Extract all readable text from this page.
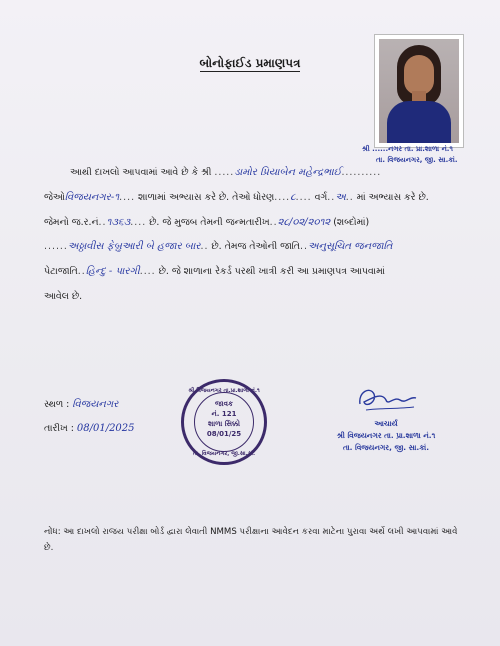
બોનોફાઈડ પ્રમાણપત્ર
શ્રી ......નગર તા. પ્રા.શાળા નં.૧
તા. વિજયનગર, જી. સા.કાં.
આથી દાખલો આપવામાં આવે છે કે શ્રી .....ડામોર પ્રિયાબેન મહેન્દ્રભાઈ..........
જેઓવિજયનગર-૧.... શાળામાં અભ્યાસ કરે છે. તેઓ ધોરણ....૮.... વર્ગ..અ.. માં અભ્યાસ કરે છે.
જેમનો જ.ર.નં..૧૩૬૩.... છે. જે મુજબ તેમની જન્મતારીખ..૨૮/૦૨/૨૦૧૨ (શબ્દોમાં)
......અઠ્ઠાવીસ ફેબ્રુઆરી બે હજાર બાર.. છે. તેમજ તેઓની જાતિ..અનુસૂચિત જનજાતિ
પેટાજાતિ..હિન્દુ - પારગી.... છે. જે શાળાના રેકર્ડ પરથી ખાત્રી કરી આ પ્રમાણપત્ર આપવામાં
આવેલ છે.
સ્થળ : વિજયનગર
તારીખ : 08/01/2025
શ્રી વિજયનગર તા.પ્રા.શાળા નં.૧
જાવક
નં. 121
શાળા સિક્કો
08/01/25
તા. વિજયનગર, જી.સા.કાં.
આચાર્ય
શ્રી વિજયનગર તા. પ્રા.શાળા નં.૧
તા. વિજયનગર, જી. સા.કાં.
નોંધ: આ દાખલો રાજય પરીક્ષા બોર્ડ દ્વારા લેવાતી NMMS પરીક્ષાના આવેદન કરવા માટેના પુરાવા અર્થે લખી આપવામાં આવે છે.
